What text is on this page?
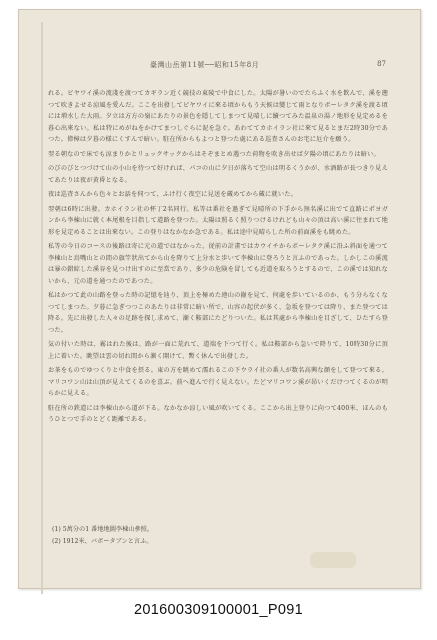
臺灣山岳第11號──昭和15年8月	87

れる。ビヤワイ溪の流淺を渡つてカギラン近く競技の東陵で中食にした。太陽が暑いのでたらふく水を飲んで、溪を遡つて吹きよせる涼風を愛んだ。ここを出發してビヤワイに來る頃からもう天候は變じて雨となりボーレタク溪を渡る頃には増水した大雨。夕立は方方の嶺にあたりの景色を隱してしまつて見晴しに續つてみた温泉の湯ノ地形を見定めるを暮心出來ない。私は特にめがねをかけてまつしぐらに泥を急ぐ。あわててカホイラン社に來て見るとまだ2時30分であつた。偉樟は夕暮の様にくすんで暗い。駐在所からもよつと登つた處にある巡査さんのお宅に厄介を願う。

翌る朝なので床でも涼まりかとリュックサックからはそぞまとめ遇つた荷物を吹き出せば夕陽の頃にあたりは暗い。

のびのびとつづけて山の小山を待つて好ければ、パコの山に夕日が落ちて空山は明るくうかが、水酒路が長つきり見えてあたりは夜が黄昏となる。

夜は巡査さんから色々とお話を伺つて、ふけ行く夜空に見送を蔵めてから蔵に就いた。

翌朝は6時に出發。カホイラン社の杯丁2名同行。私等は番社を過ぎて見晴所の下手から無名溪に出でて直路にポヨガンから李棟山に就く本尾根を目指して道路を登つた。太陽は照るく照りつけるけれども山々の頂は高い溪に往まれて地形を見定めることは出來ない。この登りはなかなか急である。私は途中見晴らした所の前面溪をも眺めた。

私等の今日のコースの後路は寄に元の道ではなかった。従前の計畫ではカウイチからボーレタク溪に沿ふ斜面を通つて李棟山と鳥嘴山との間の旗竿狀出てから山を降りて上分水と歩いて李棟山に登ろうと言ふのであった。しかしこの溪流は暴の錯綜した溪谷を見つけ出すのに至當であり、多少の危険を冒しても近道を取ろうとするので、この溪では知れないから、元の道を通つたのであつた。

私はかつて此の山路を登った時の記憶を辿り、頂上を極めた連山の巓を見て、何處を歩いているのか、もう分らなくなつてしまつた。夕暮に急ぎつつこのあたりは非常に暗い所で、山容の起伏が多く、急坂を登つては降り、また登つては降る。先に出發した人々の足跡を探し求めて、漸く鞍部にたどりついた。私は其處から李棟山を目ざして、ひたすら登つた。

気の付いた時は、霧はれた後は、路が一面に荒れて、道端を下つて行く。私は鞍部から急いで降りて、10時30分に頂上に着いた。眺望は雲の切れ間から漸く開けて、暫く休んで出發した。

お茶をものでゆつくりと中食を摂る。東の方を眺めて濡れるこの下ウライ社の番人が数名高興な顔をして登つて來る。マリコワン山は山頂が見えてくるのを喜ぶ。前へ進んで行く見えない。たどマリコワン溪が昂いくだけつてくるのが明らかに見える。

駐在所の鉄道には李棟山から道が下る。なかなか涼しい風が吹いてくる。ここから出上登りに向つて400米、ほんのもうひとつで手のとどく距離である。

(1) 5萬分の1 番地地圖李棟山參照。
(2) 1912米、バボータブンと言ふ。
20160030910000​1_P091
